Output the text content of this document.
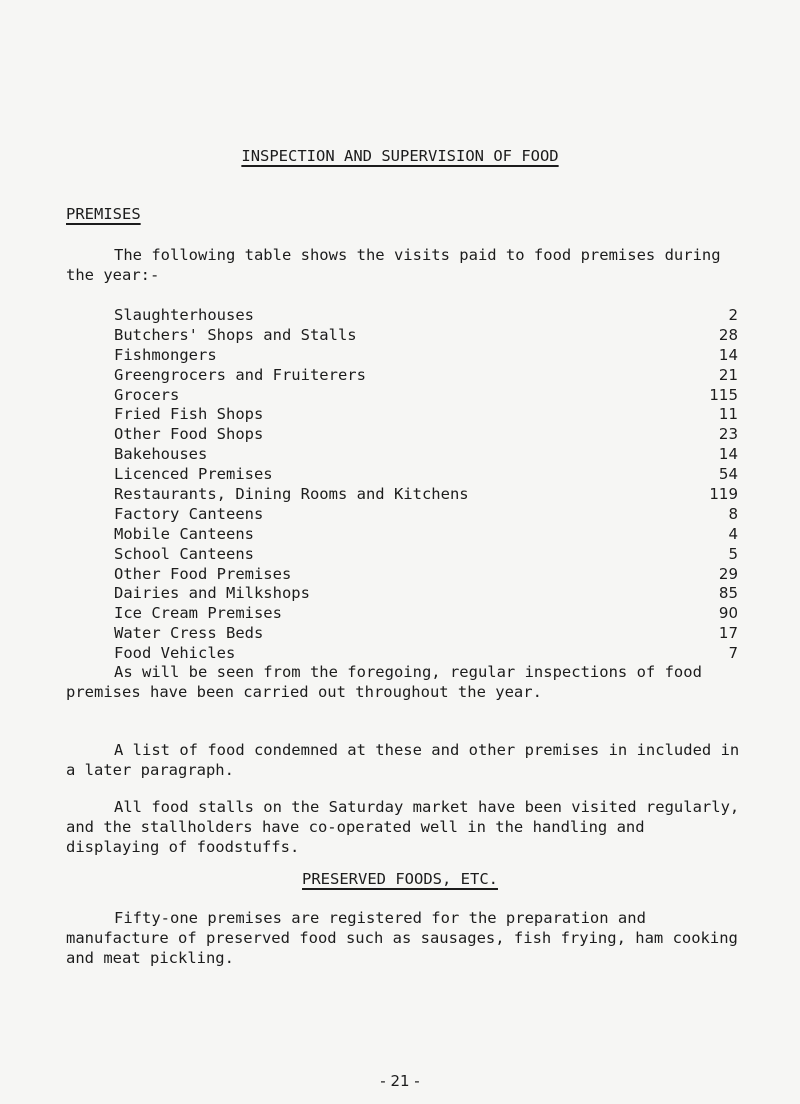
INSPECTION AND SUPERVISION OF FOOD
PREMISES

The following table shows the visits paid to food premises during the year:-

Slaughterhouses	2
Butchers' Shops and Stalls	28
Fishmongers	14
Greengrocers and Fruiterers	21
Grocers	115
Fried Fish Shops	11
Other Food Shops	23
Bakehouses	14
Licenced Premises	54
Restaurants, Dining Rooms and Kitchens	119
Factory Canteens	8
Mobile Canteens	4
School Canteens	5
Other Food Premises	29
Dairies and Milkshops	85
Ice Cream Premises	90
Water Cress Beds	17
Food Vehicles	7

As will be seen from the foregoing, regular inspections of food premises have been carried out throughout the year.

A list of food condemned at these and other premises in included in a later paragraph.

All food stalls on the Saturday market have been visited regularly, and the stallholders have co-operated well in the handling and displaying of foodstuffs.

PRESERVED FOODS, ETC.

Fifty-one premises are registered for the preparation and manufacture of preserved food such as sausages, fish frying, ham cooking and meat pickling.

- 21 -
